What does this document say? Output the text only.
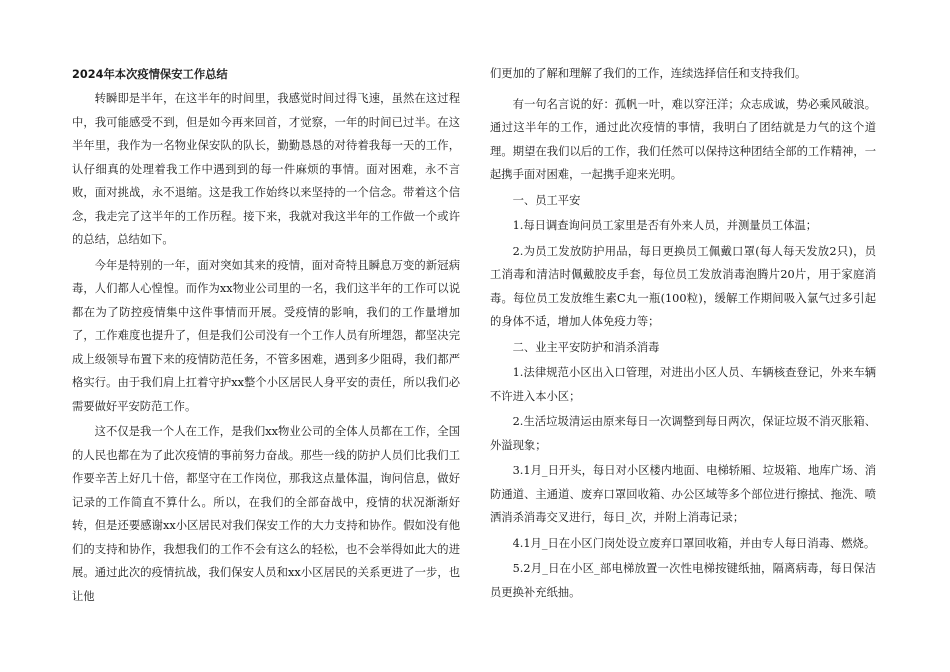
2024年本次疫情保安工作总结

转瞬即是半年，在这半年的时间里，我感觉时间过得飞速，虽然在这过程中，我可能感受不到，但是如今再来回首，才觉察，一年的时间已过半。在这半年里，我作为一名物业保安队的队长，勤勤恳恳的对待着我每一天的工作，认仔细真的处理着我工作中遇到到的每一件麻烦的事情。面对困难，永不言败，面对挑战，永不退缩。这是我工作始终以来坚持的一个信念。带着这个信念，我走完了这半年的工作历程。接下来，我就对我这半年的工作做一个或许的总结，总结如下。

今年是特别的一年，面对突如其来的疫情，面对奇特且瞬息万变的新冠病毒，人们都人心惶惶。而作为xx物业公司里的一名，我们这半年的工作可以说都在为了防控疫情集中这件事情而开展。受疫情的影响，我们的工作量增加了，工作难度也提升了，但是我们公司没有一个工作人员有所埋怨，都坚决完成上级领导布置下来的疫情防范任务，不管多困难，遇到多少阻碍，我们都严格实行。由于我们肩上扛着守护xx整个小区居民人身平安的责任，所以我们必需要做好平安防范工作。

这不仅是我一个人在工作，是我们xx物业公司的全体人员都在工作，全国的人民也都在为了此次疫情的事前努力奋战。那些一线的防护人员们比我们工作要辛苦上好几十倍，都坚守在工作岗位，那我这点量体温，询问信息，做好记录的工作简直不算什么。所以，在我们的全部奋战中，疫情的状况渐渐好转，但是还要感谢xx小区居民对我们保安工作的大力支持和协作。假如没有他们的支持和协作，我想我们的工作不会有这么的轻松，也不会举得如此大的进展。通过此次的疫情抗战，我们保安人员和xx小区居民的关系更进了一步，也让他

们更加的了解和理解了我们的工作，连续选择信任和支持我们。

有一句名言说的好：孤帆一叶，难以穿汪洋；众志成诚，势必乘风破浪。通过这半年的工作，通过此次疫情的事情，我明白了团结就是力气的这个道理。期望在我们以后的工作，我们任然可以保持这种团结全部的工作精神，一起携手面对困难，一起携手迎来光明。

一、员工平安

1.每日调查询问员工家里是否有外来人员，并测量员工体温；

2.为员工发放防护用品，每日更换员工佩戴口罩(每人每天发放2只)，员工消毒和清洁时佩戴胶皮手套，每位员工发放消毒泡腾片20片，用于家庭消毒。每位员工发放维生素C丸一瓶(100粒)，缓解工作期间吸入氯气过多引起的身体不适，增加人体免疫力等；

二、业主平安防护和消杀消毒

1.法律规范小区出入口管理，对进出小区人员、车辆核查登记，外来车辆不许进入本小区；

2.生活垃圾清运由原来每日一次调整到每日两次，保证垃圾不消灭胀箱、外溢现象；

3.1月_日开头，每日对小区楼内地面、电梯轿厢、垃圾箱、地库广场、消防通道、主通道、废弃口罩回收箱、办公区域等多个部位进行擦拭、拖洗、喷洒消杀消毒交叉进行，每日_次，并附上消毒记录；

4.1月_日在小区门岗处设立废弃口罩回收箱，并由专人每日消毒、燃烧。

5.2月_日在小区_部电梯放置一次性电梯按键纸抽，隔离病毒，每日保洁员更换补充纸抽。
